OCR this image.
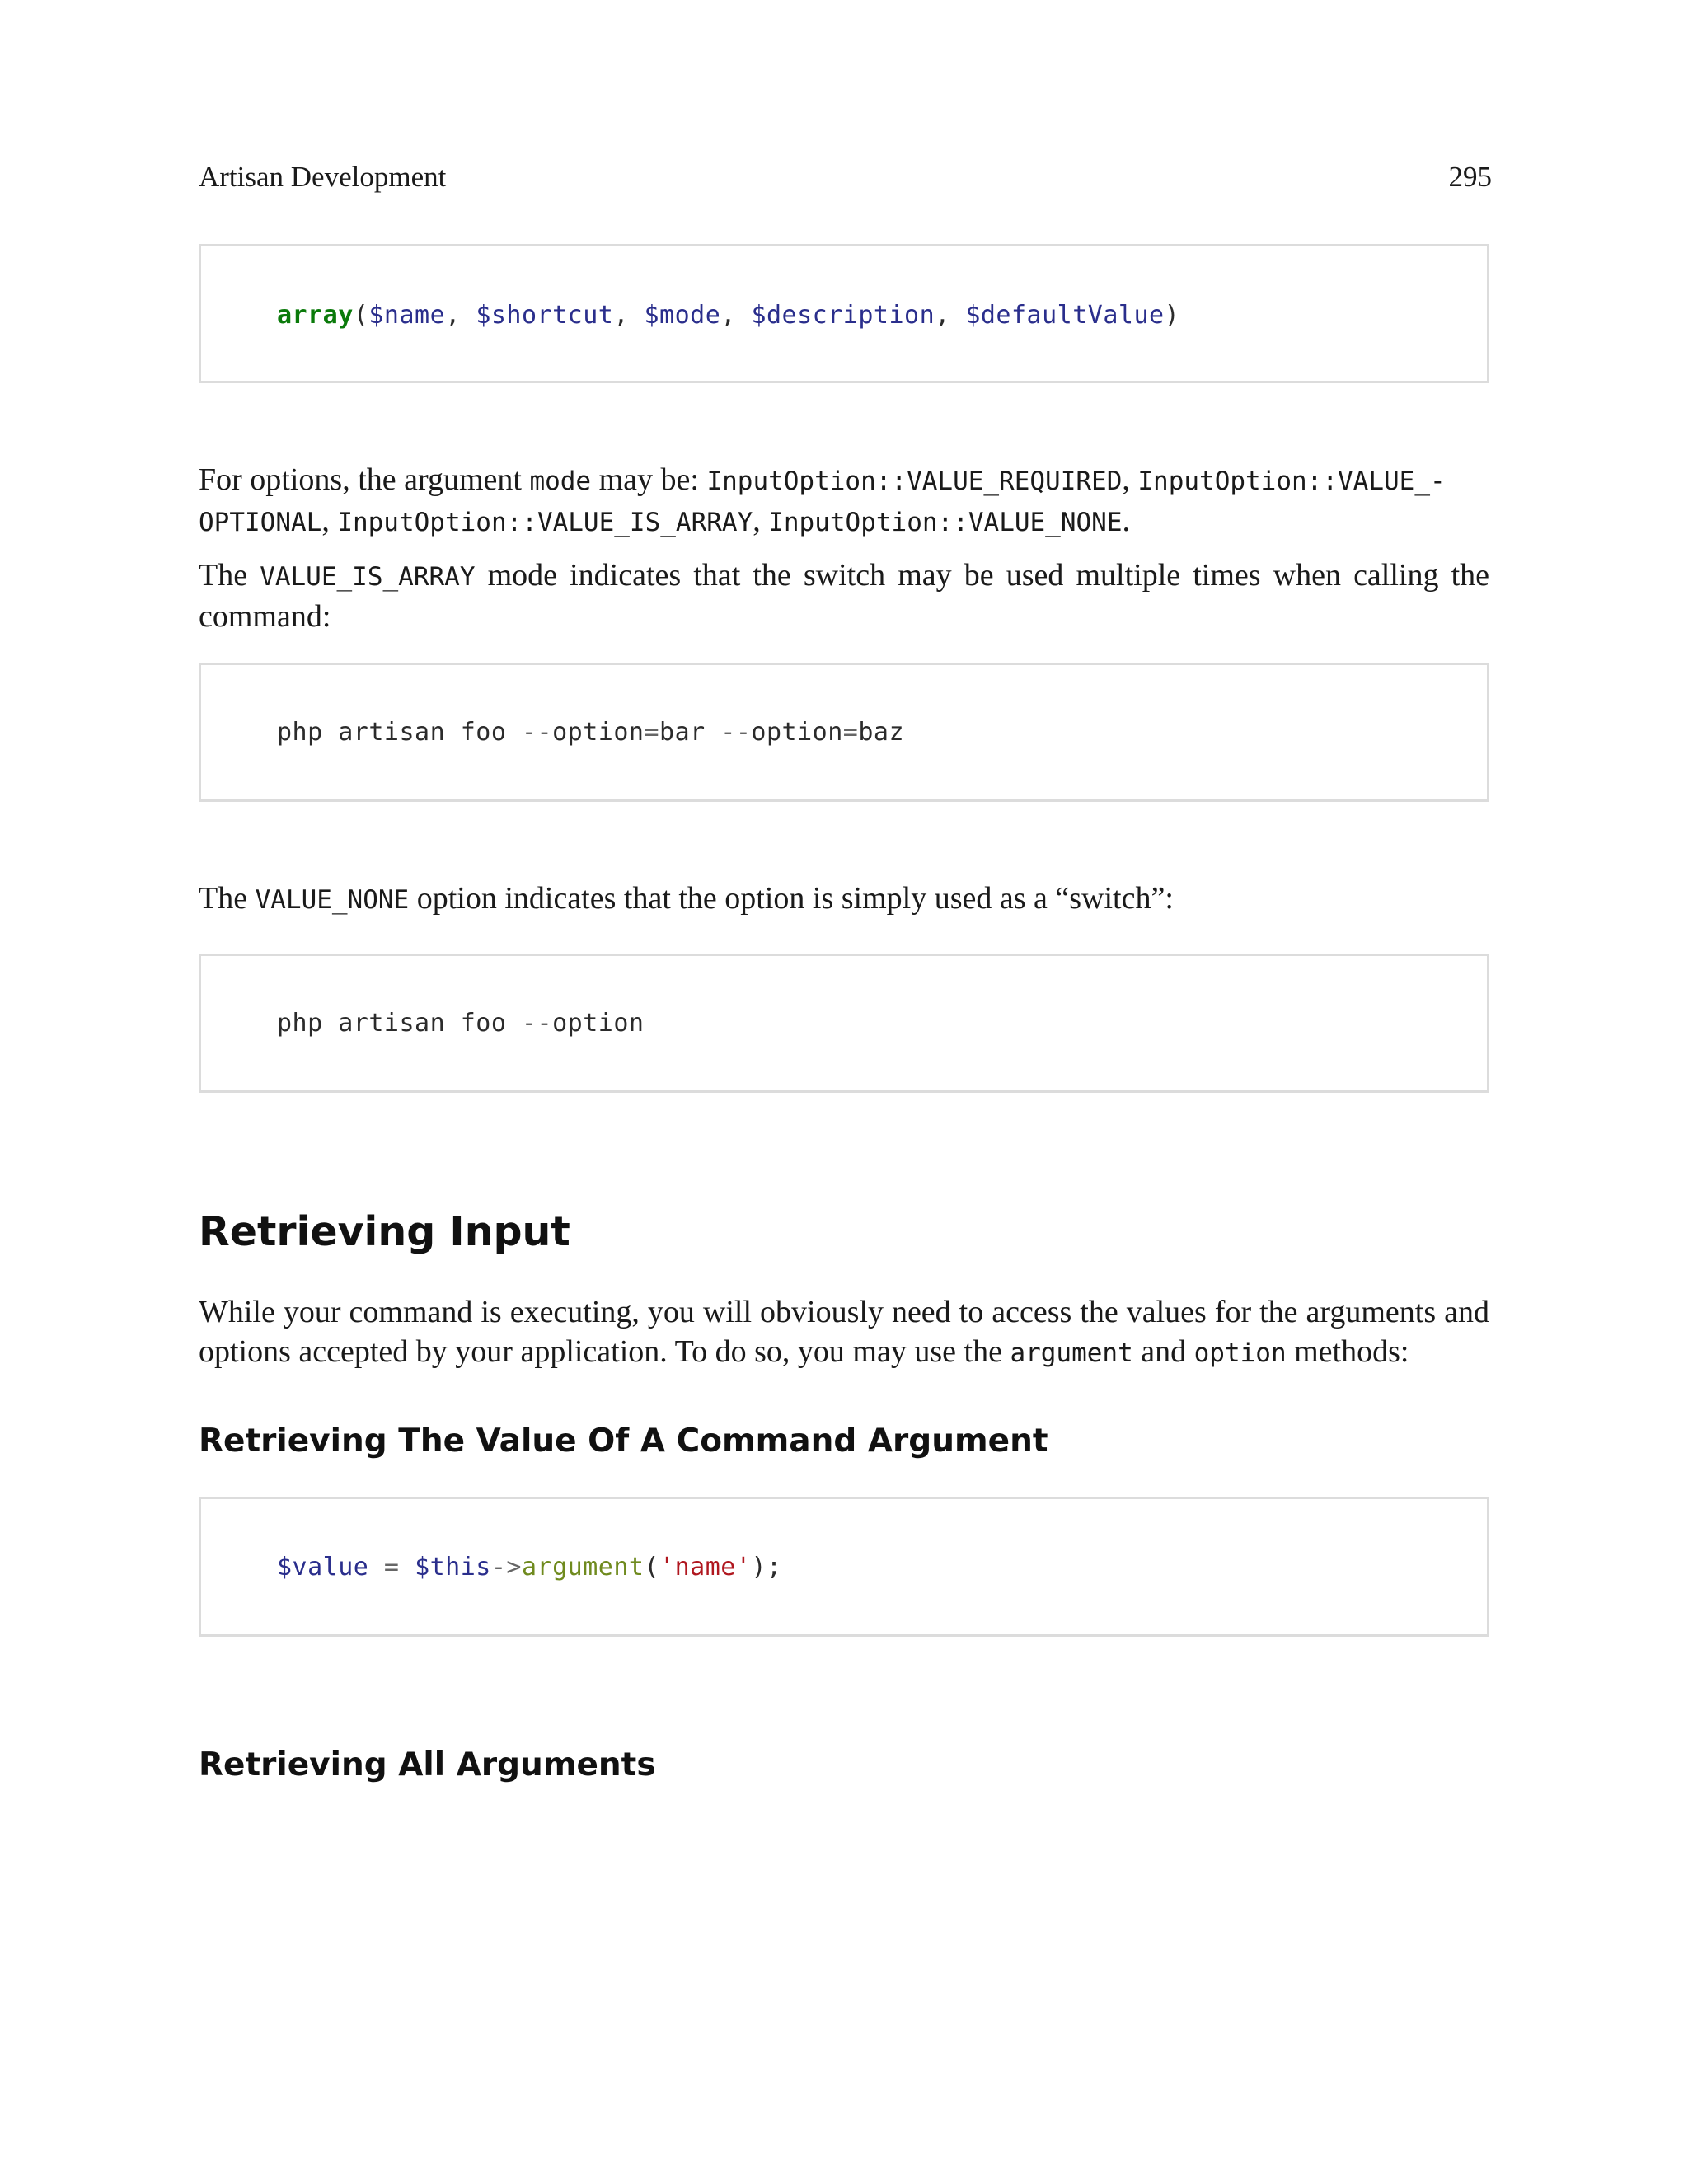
Artisan Development	295
array($name, $shortcut, $mode, $description, $defaultValue)
For options, the argument mode may be: InputOption::VALUE_REQUIRED, InputOption::VALUE_-
OPTIONAL, InputOption::VALUE_IS_ARRAY, InputOption::VALUE_NONE.
The VALUE_IS_ARRAY mode indicates that the switch may be used multiple times when calling the command:
php artisan foo --option=bar --option=baz
The VALUE_NONE option indicates that the option is simply used as a “switch”:
php artisan foo --option
Retrieving Input
While your command is executing, you will obviously need to access the values for the arguments and options accepted by your application. To do so, you may use the argument and option methods:
Retrieving The Value Of A Command Argument
$value = $this->argument('name');
Retrieving All Arguments
